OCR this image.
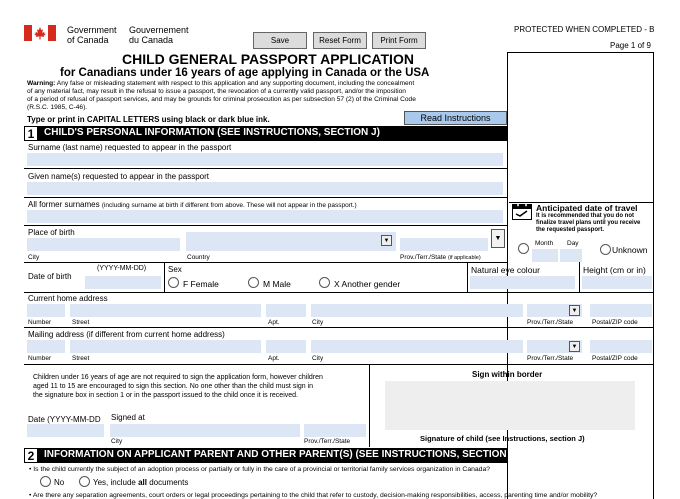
Government
of Canada
Gouvernement
du Canada	Save	Reset Form	Print Form
PROTECTED WHEN COMPLETED - B
Page 1 of 9
CHILD GENERAL PASSPORT APPLICATION
for Canadians under 16 years of age applying in Canada or the USA
Warning: Any false or misleading statement with respect to this application and any supporting document, including the concealment
of any material fact, may result in the refusal to issue a passport, the revocation of a currently valid passport, and/or the imposition
of a period of refusal of passport services, and may be grounds for criminal prosecution as per subsection 57 (2) of the Criminal Code
(R.S.C. 1985, C-46).
Type or print in CAPITAL LETTERS using black or dark blue ink.	Read Instructions
1 CHILD'S PERSONAL INFORMATION (SEE INSTRUCTIONS, SECTION J)
Surname (last name) requested to appear in the passport
Given name(s) requested to appear in the passport
All former surnames (including surname at birth if different from above. These will not appear in the passport.)	Anticipated date of travel
It is recommended that you do not
finalize travel plans until you receive
the requested passport.
Month Day
Unknown
Place of birth
▼	▼
City	Country	Prov./Terr./State (if applicable)
Date of birth
(YYYY-MM-DD)	Sex
F Female	M Male	X Another gender
Natural eye colour	Height (cm or in)
Current home address
▼
Number	Street	Apt.	City	Prov./Terr./State	Postal/ZIP code
Mailing address (if different from current home address)
▼
Number	Street	Apt.	City	Prov./Terr./State	Postal/ZIP code
Children under 16 years of age are not required to sign the application form, however children
aged 11 to 15 are encouraged to sign this section. No one other than the child must sign in
the signature box in section 1 or in the passport issued to the child once it is received.
Date (YYYY-MM-DD Signed at
City	Prov./Terr./State
Sign within border
Signature of child (see Instructions, section J)
2 INFORMATION ON APPLICANT PARENT AND OTHER PARENT(S) (SEE INSTRUCTIONS, SECTION K)
• Is the child currently the subject of an adoption process or partially or fully in the care of a provincial or territorial family services organization in Canada?
No	Yes, include all documents
• Are there any separation agreements, court orders or legal proceedings pertaining to the child that refer to custody, decision-making responsibilities, access, parenting time and/or mobility?
